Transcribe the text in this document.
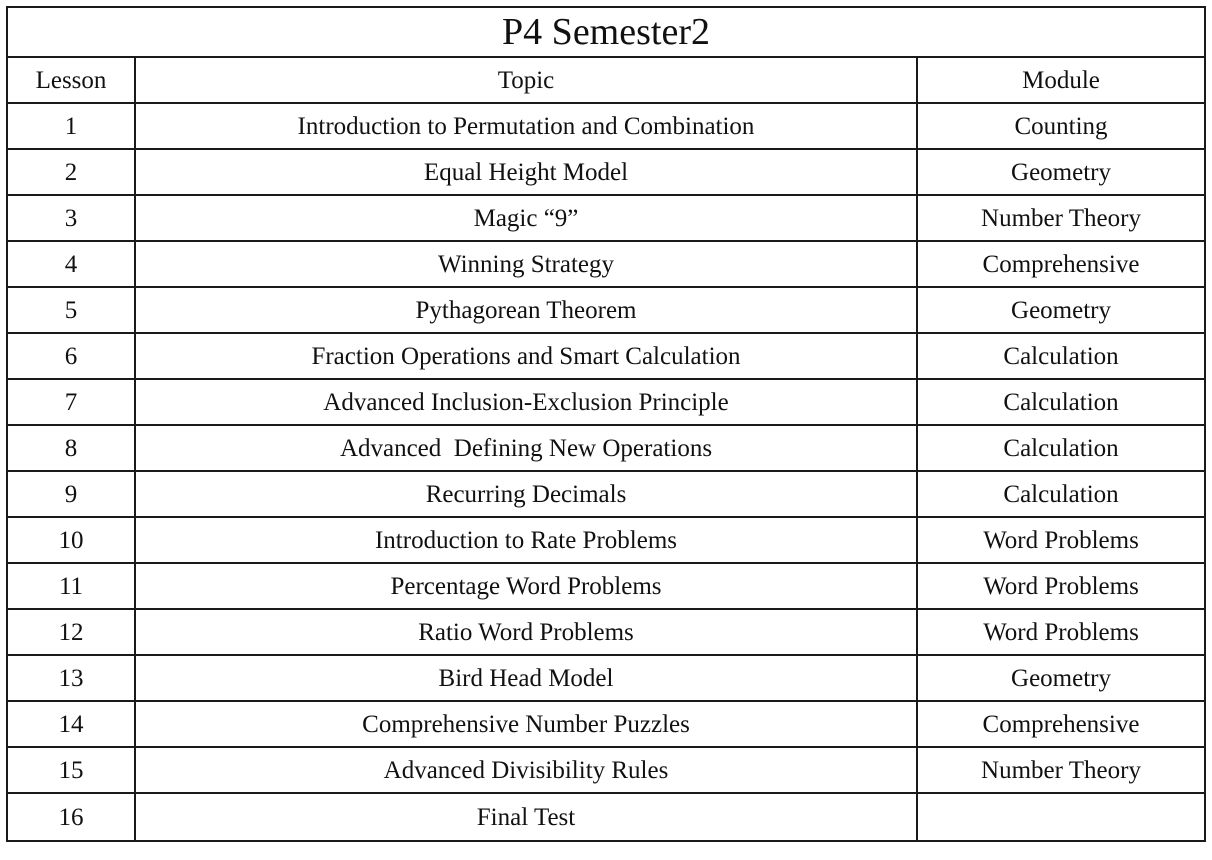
P4 Semester2		
Lesson	Topic	Module
1	Introduction to Permutation and Combination	Counting
2	Equal Height Model	Geometry
3	Magic “9”	Number Theory
4	Winning Strategy	Comprehensive
5	Pythagorean Theorem	Geometry
6	Fraction Operations and Smart Calculation	Calculation
7	Advanced Inclusion-Exclusion Principle	Calculation
8	Advanced  Defining New Operations	Calculation
9	Recurring Decimals	Calculation
10	Introduction to Rate Problems	Word Problems
11	Percentage Word Problems	Word Problems
12	Ratio Word Problems	Word Problems
13	Bird Head Model	Geometry
14	Comprehensive Number Puzzles	Comprehensive
15	Advanced Divisibility Rules	Number Theory
16	Final Test	
